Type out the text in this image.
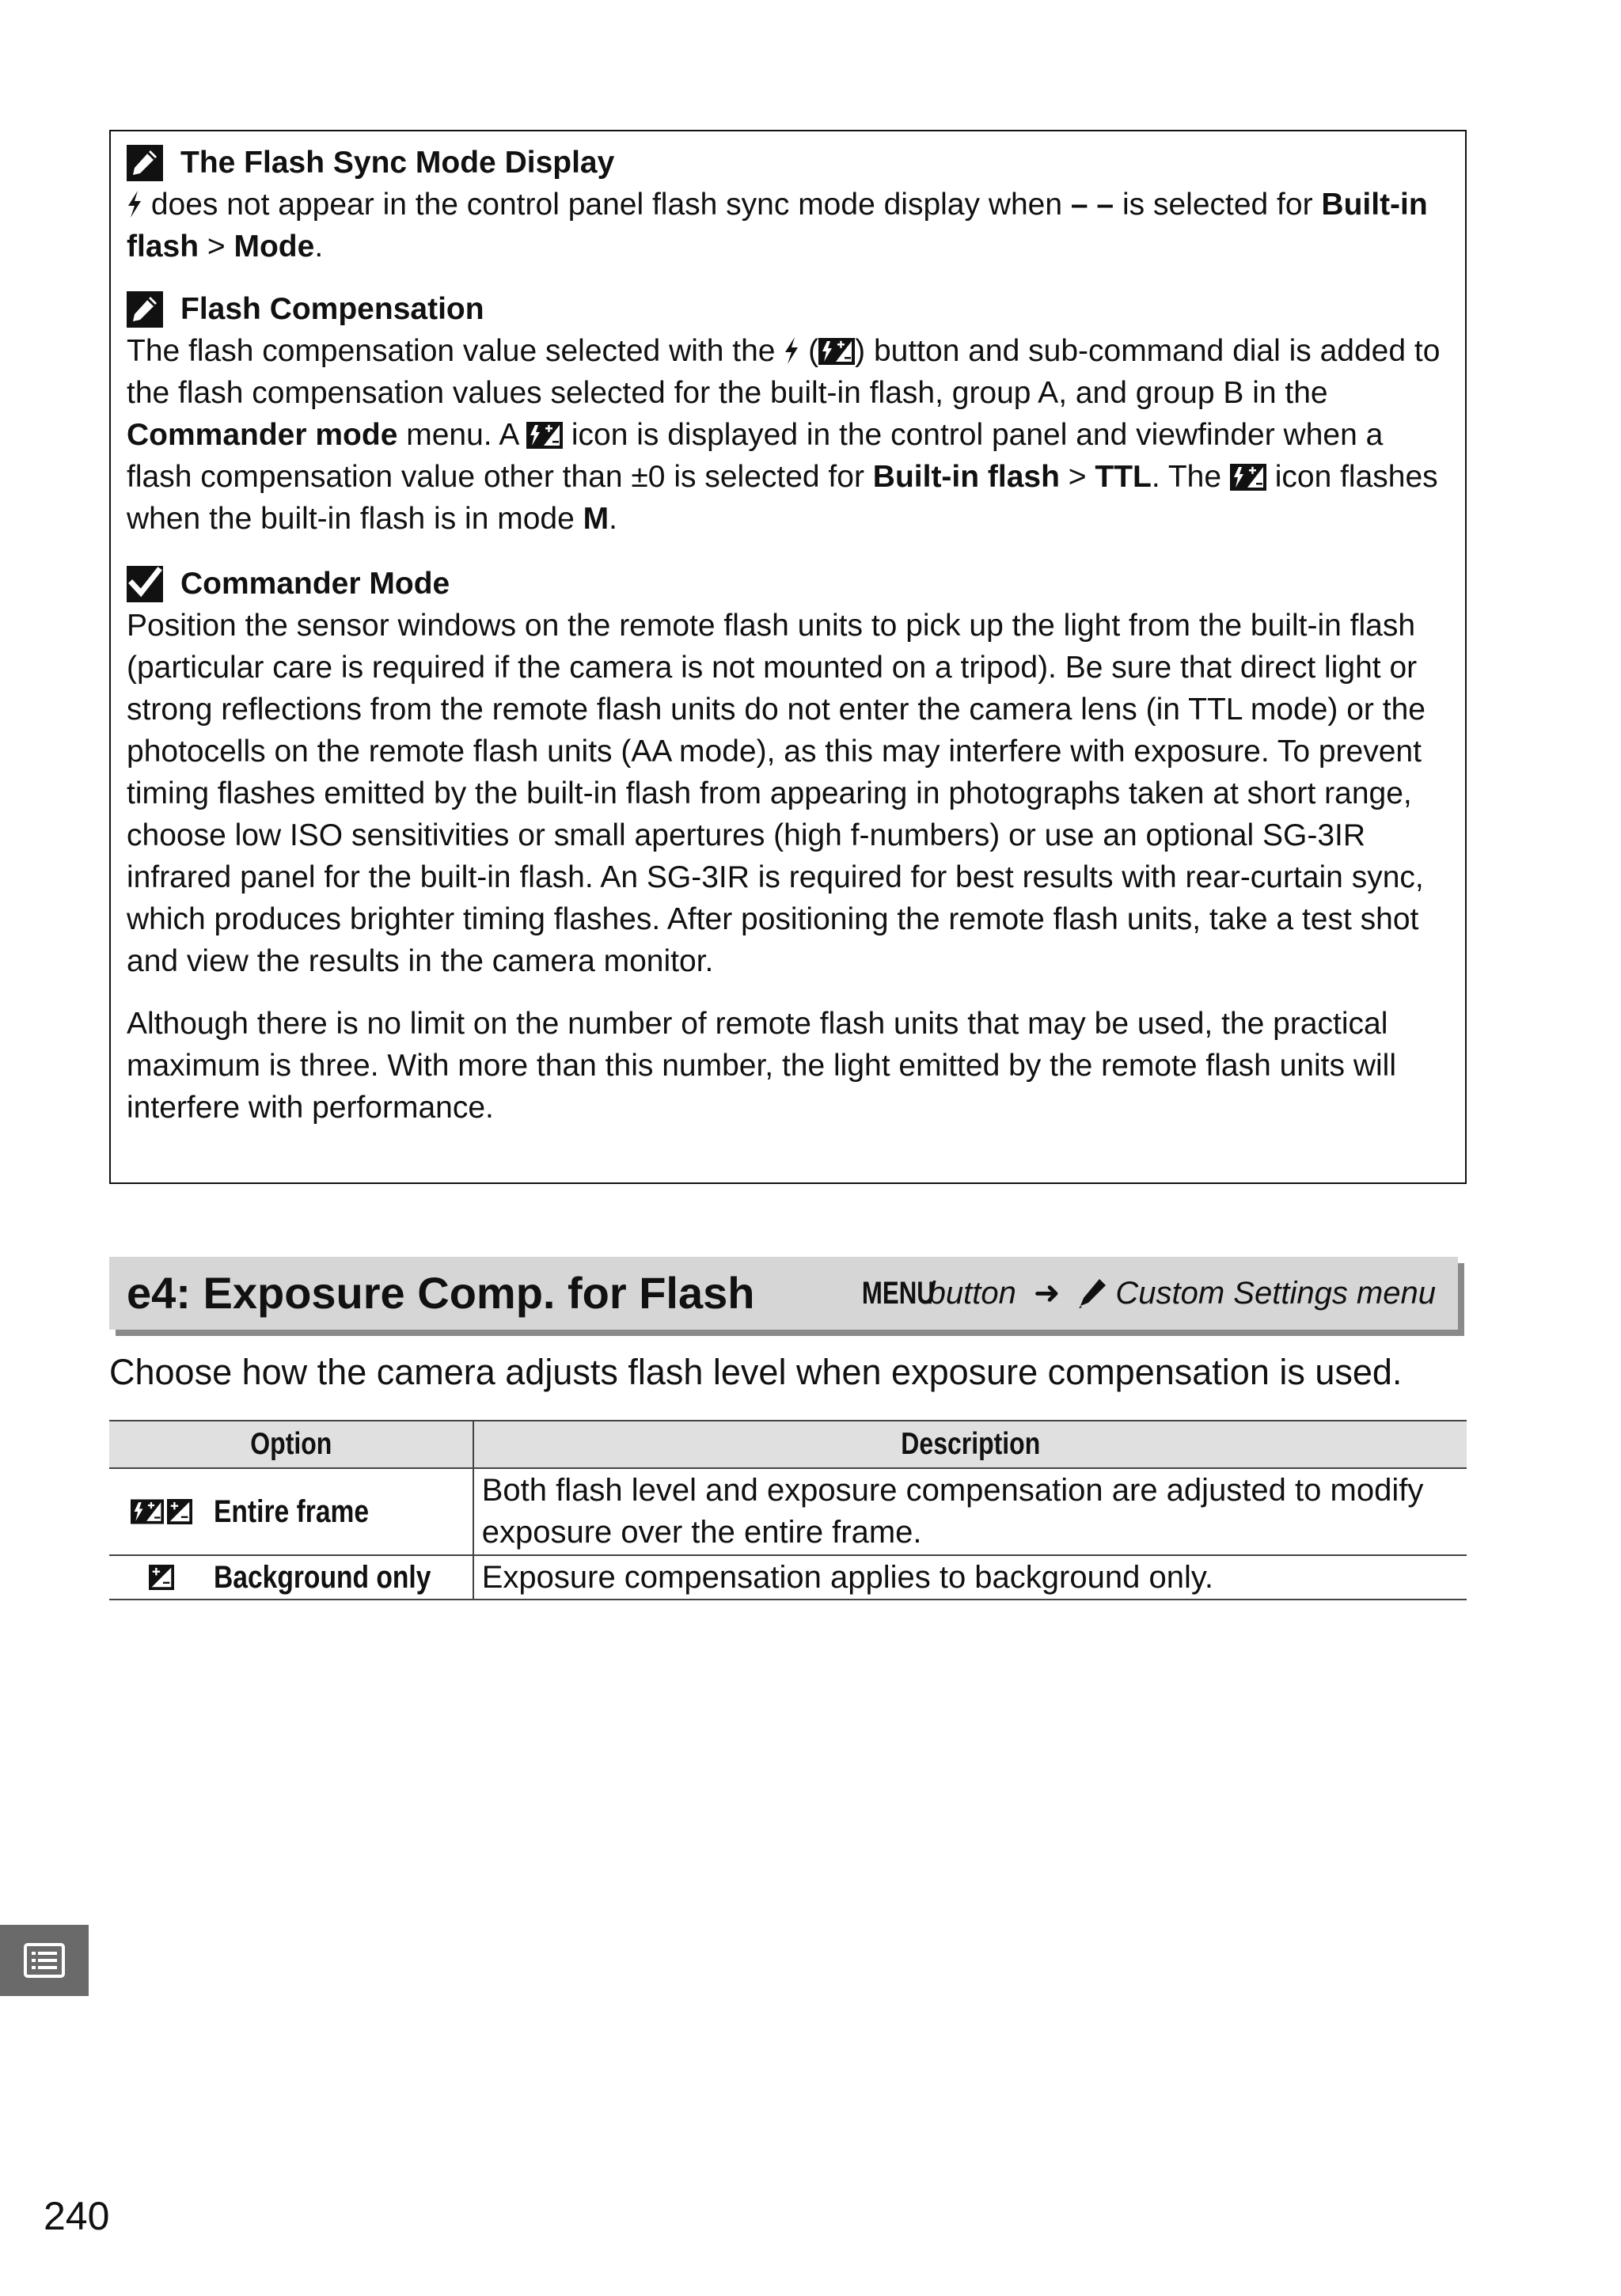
The Flash Sync Mode Display

does not appear in the control panel flash sync mode display when – – is selected for Built-in flash > Mode.

Flash Compensation

The flash compensation value selected with the  ( ) button and sub-command dial is added to the flash compensation values selected for the built-in flash, group A, and group B in the Commander mode menu. A  icon is displayed in the control panel and viewfinder when a flash compensation value other than ±0 is selected for Built-in flash > TTL. The  icon flashes when the built-in flash is in mode M.

Commander Mode

Position the sensor windows on the remote flash units to pick up the light from the built-in flash (particular care is required if the camera is not mounted on a tripod). Be sure that direct light or strong reflections from the remote flash units do not enter the camera lens (in TTL mode) or the photocells on the remote flash units (AA mode), as this may interfere with exposure. To prevent timing flashes emitted by the built-in flash from appearing in photographs taken at short range, choose low ISO sensitivities or small apertures (high f-numbers) or use an optional SG-3IR infrared panel for the built-in flash. An SG-3IR is required for best results with rear-curtain sync, which produces brighter timing flashes. After positioning the remote flash units, take a test shot and view the results in the camera monitor.

Although there is no limit on the number of remote flash units that may be used, the practical maximum is three. With more than this number, the light emitted by the remote flash units will interfere with performance.

e4: Exposure Comp. for Flash	MENU
button ➜ Custom Settings menu
Choose how the camera adjusts flash level when exposure compensation is used.
Option	Description

Entire frame	Both flash level and exposure compensation are adjusted to modify exposure over the entire frame.

Background only	Exposure compensation applies to background only.
240
